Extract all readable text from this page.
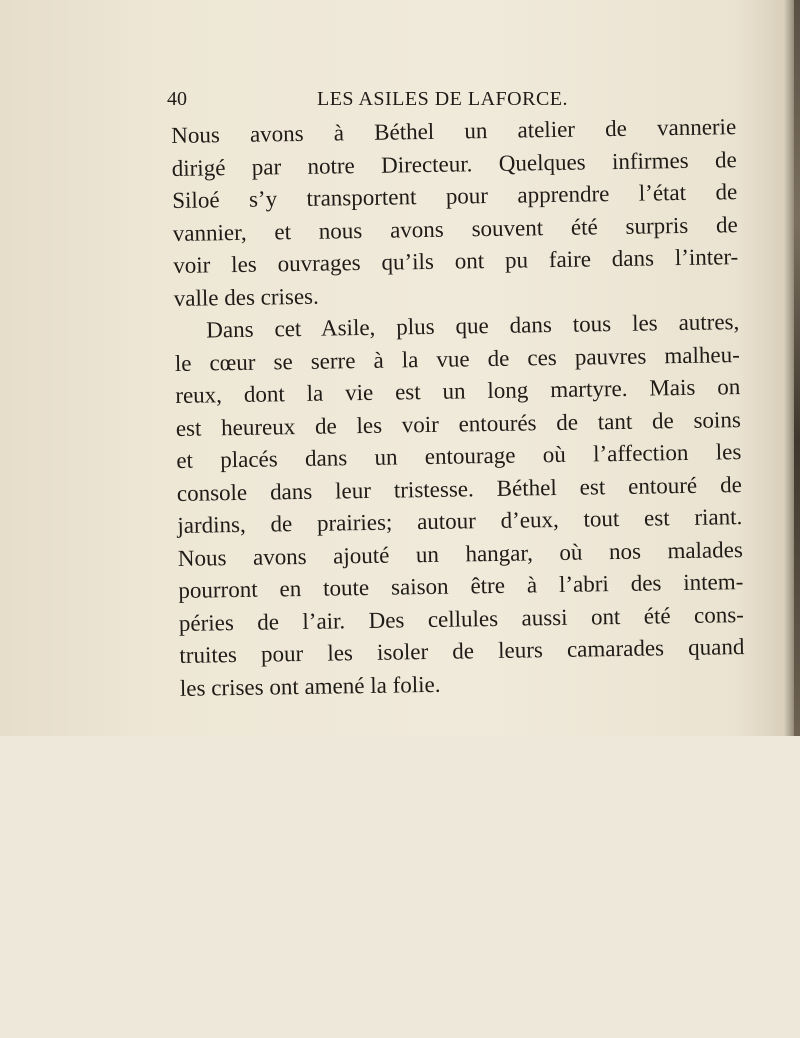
40	LES ASILES DE LAFORCE.
Nous avons à Béthel un atelier de vannerie
dirigé par notre Directeur. Quelques infirmes de
Siloé s’y transportent pour apprendre l’état de
vannier, et nous avons souvent été surpris de
voir les ouvrages qu’ils ont pu faire dans l’inter-
valle des crises.
Dans cet Asile, plus que dans tous les autres,
le cœur se serre à la vue de ces pauvres malheu-
reux, dont la vie est un long martyre. Mais on
est heureux de les voir entourés de tant de soins
et placés dans un entourage où l’affection les
console dans leur tristesse. Béthel est entouré de
jardins, de prairies; autour d’eux, tout est riant.
Nous avons ajouté un hangar, où nos malades
pourront en toute saison être à l’abri des intem-
péries de l’air. Des cellules aussi ont été cons-
truites pour les isoler de leurs camarades quand
les crises ont amené la folie.
